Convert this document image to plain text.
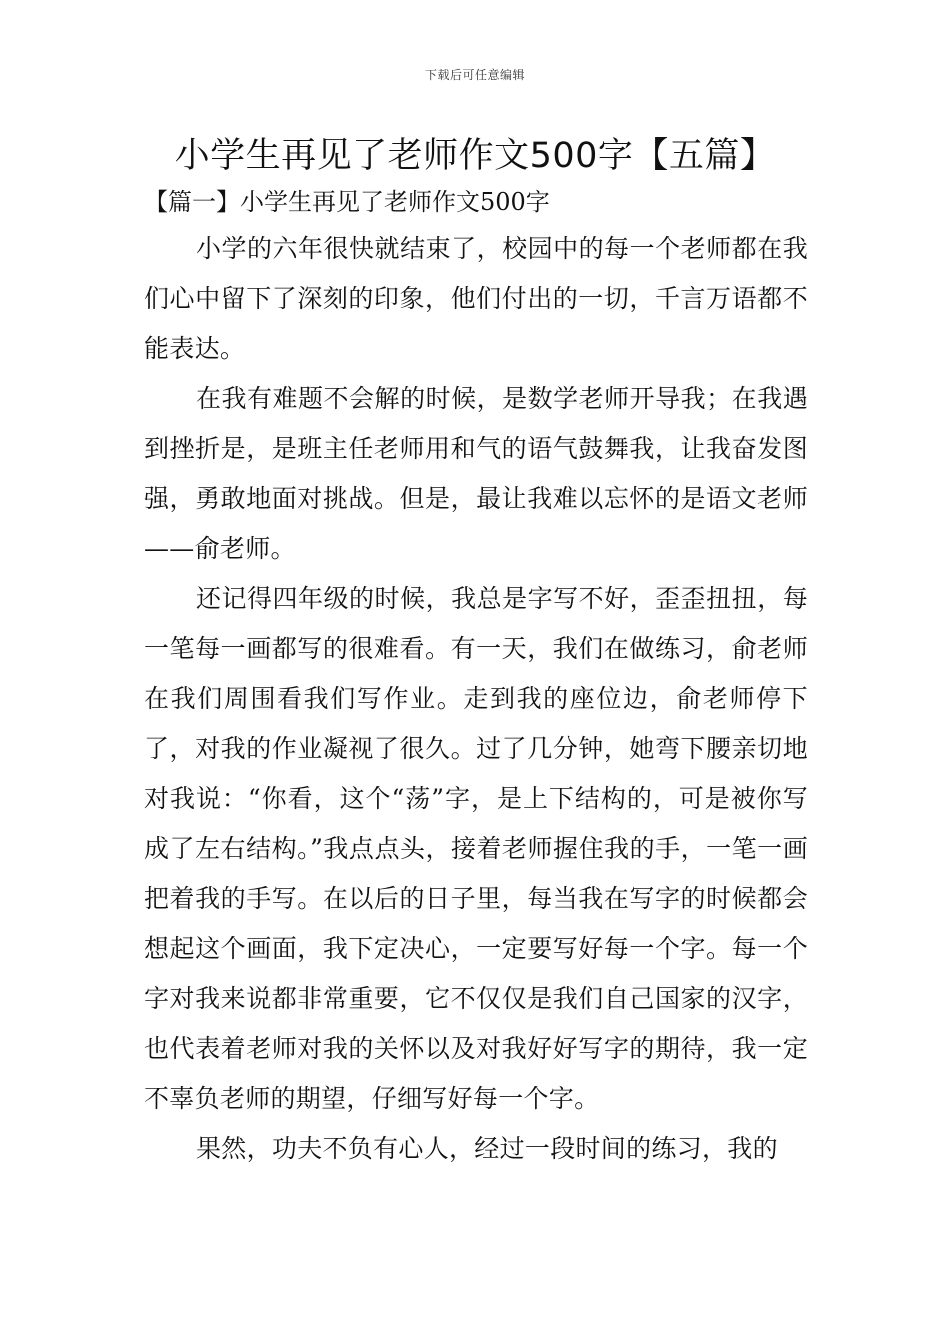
下载后可任意编辑
小学生再见了老师作文500字【五篇】
【篇一】小学生再见了老师作文500字

小学的六年很快就结束了，校园中的每一个老师都在我们心中留下了深刻的印象，他们付出的一切，千言万语都不能表达。

在我有难题不会解的时候，是数学老师开导我；在我遇到挫折是，是班主任老师用和气的语气鼓舞我，让我奋发图强，勇敢地面对挑战。但是，最让我难以忘怀的是语文老师——俞老师。

还记得四年级的时候，我总是字写不好，歪歪扭扭，每一笔每一画都写的很难看。有一天，我们在做练习，俞老师在我们周围看我们写作业。走到我的座位边，俞老师停下了，对我的作业凝视了很久。过了几分钟，她弯下腰亲切地对我说：“你看，这个“荡”字，是上下结构的，可是被你写成了左右结构。”我点点头，接着老师握住我的手，一笔一画把着我的手写。在以后的日子里，每当我在写字的时候都会想起这个画面，我下定决心，一定要写好每一个字。每一个字对我来说都非常重要，它不仅仅是我们自己国家的汉字，也代表着老师对我的关怀以及对我好好写字的期待，我一定不辜负老师的期望，仔细写好每一个字。

果然，功夫不负有心人，经过一段时间的练习，我的
